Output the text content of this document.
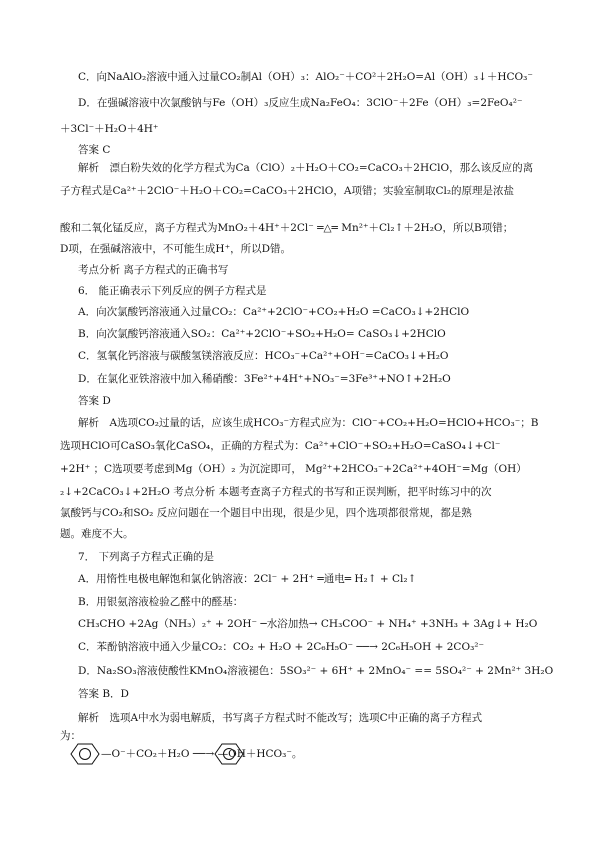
C．向NaAlO₂溶液中通入过量CO₂制Al（OH）₃：AlO₂⁻＋CO²＋2H₂O=Al（OH）₃↓＋HCO₃⁻
D．在强碱溶液中次氯酸钠与Fe（OH）₃反应生成Na₂FeO₄：3ClO⁻＋2Fe（OH）₃=2FeO₄²⁻
＋3Cl⁻＋H₂O＋4H⁺
答案 C
解析　漂白粉失效的化学方程式为Ca（ClO）₂＋H₂O＋CO₂=CaCO₃＋2HClO，那么该反应的离
子方程式是Ca²⁺＋2ClO⁻＋H₂O＋CO₂=CaCO₃＋2HClO，A项错；实验室制取Cl₂的原理是浓盐
酸和二氧化锰反应，离子方程式为MnO₂＋4H⁺＋2Cl⁻ ═△═ Mn²⁺＋Cl₂↑＋2H₂O，所以B项错；
D项，在强碱溶液中，不可能生成H⁺，所以D错。
考点分析 离子方程式的正确书写
6． 能正确表示下列反应的例子方程式是
A．向次氯酸钙溶液通入过量CO₂：Ca²⁺+2ClO⁻+CO₂+H₂O =CaCO₃↓+2HClO
B．向次氯酸钙溶液通入SO₂：Ca²⁺+2ClO⁻+SO₂+H₂O= CaSO₃↓+2HClO
C．氢氧化钙溶液与碳酸氢镁溶液反应：HCO₃⁻+Ca²⁺+OH⁻=CaCO₃↓+H₂O
D．在氯化亚铁溶液中加入稀硝酸：3Fe²⁺+4H⁺+NO₃⁻=3Fe³⁺+NO↑+2H₂O
答案 D
解析　A选项CO₂过量的话，应该生成HCO₃⁻方程式应为：ClO⁻+CO₂+H₂O=HClO+HCO₃⁻；B
选项HClO可CaSO₃氧化CaSO₄，正确的方程式为：Ca²⁺+ClO⁻+SO₂+H₂O=CaSO₄↓+Cl⁻
+2H⁺ ；C选项要考虑到Mg（OH）₂ 为沉淀即可， Mg²⁺+2HCO₃⁻+2Ca²⁺+4OH⁻=Mg（OH）
₂↓+2CaCO₃↓+2H₂O 考点分析 本题考查离子方程式的书写和正误判断，把平时练习中的次
氯酸钙与CO₂和SO₂ 反应问题在一个题目中出现，很是少见，四个选项都很常规，都是熟
题。难度不大。
7． 下列离子方程式正确的是
A．用惰性电极电解饱和氯化钠溶液：2Cl⁻ + 2H⁺ ═通电═ H₂↑ + Cl₂↑
B．用银氨溶液检验乙醛中的醛基：
CH₃CHO +2Ag（NH₃）₂⁺ + 2OH⁻ ─水浴加热→ CH₃COO⁻ + NH₄⁺ +3NH₃ + 3Ag↓+ H₂O
C．苯酚钠溶液中通入少量CO₂：CO₂ + H₂O + 2C₆H₅O⁻ ──→ 2C₆H₅OH + 2CO₃²⁻
D．Na₂SO₃溶液使酸性KMnO₄溶液褪色：5SO₃²⁻ + 6H⁺ + 2MnO₄⁻ == 5SO₄²⁻ + 2Mn²⁺ 3H₂O
答案 B．D
解析　选项A中水为弱电解质，书写离子方程式时不能改写；选项C中正确的离子方程式
为：
—O⁻＋CO₂＋H₂O ──→ —OH＋HCO₃⁻。
